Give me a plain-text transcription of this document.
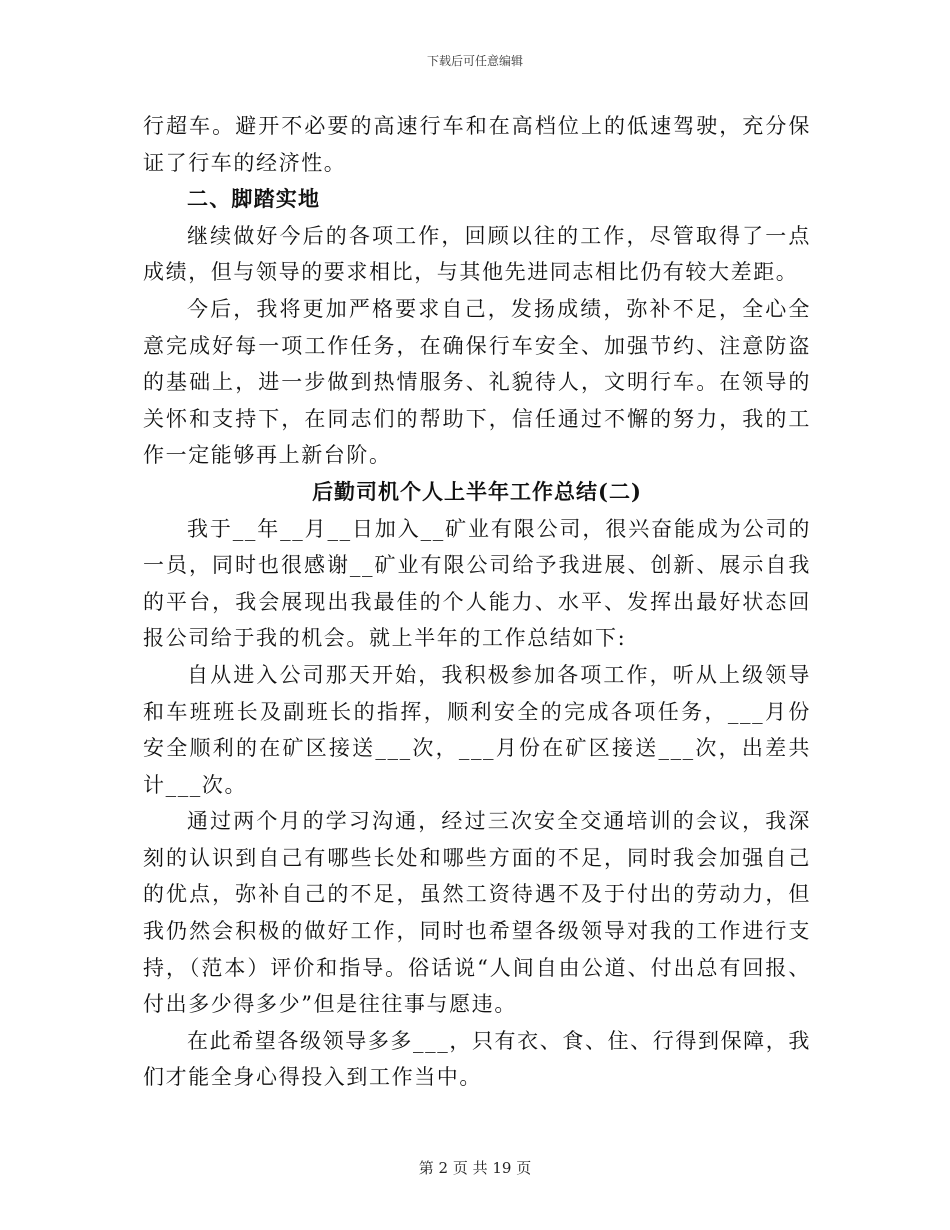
下载后可任意编辑

行超车。避开不必要的高速行车和在高档位上的低速驾驶，充分保证了行车的经济性。

二、脚踏实地

继续做好今后的各项工作，回顾以往的工作，尽管取得了一点成绩，但与领导的要求相比，与其他先进同志相比仍有较大差距。

今后，我将更加严格要求自己，发扬成绩，弥补不足，全心全意完成好每一项工作任务，在确保行车安全、加强节约、注意防盗的基础上，进一步做到热情服务、礼貌待人，文明行车。在领导的关怀和支持下，在同志们的帮助下，信任通过不懈的努力，我的工作一定能够再上新台阶。

后勤司机个人上半年工作总结(二)

我于__年__月__日加入__矿业有限公司，很兴奋能成为公司的一员，同时也很感谢__矿业有限公司给予我进展、创新、展示自我的平台，我会展现出我最佳的个人能力、水平、发挥出最好状态回报公司给于我的机会。就上半年的工作总结如下:

自从进入公司那天开始，我积极参加各项工作，听从上级领导和车班班长及副班长的指挥，顺利安全的完成各项任务，___月份安全顺利的在矿区接送___次，___月份在矿区接送___次，出差共计___次。

通过两个月的学习沟通，经过三次安全交通培训的会议，我深刻的认识到自己有哪些长处和哪些方面的不足，同时我会加强自己的优点，弥补自己的不足，虽然工资待遇不及于付出的劳动力，但我仍然会积极的做好工作，同时也希望各级领导对我的工作进行支持，（范本）评价和指导。俗话说“人间自由公道、付出总有回报、付出多少得多少”但是往往事与愿违。

在此希望各级领导多多___，只有衣、食、住、行得到保障，我们才能全身心得投入到工作当中。

第 2 页 共 19 页
